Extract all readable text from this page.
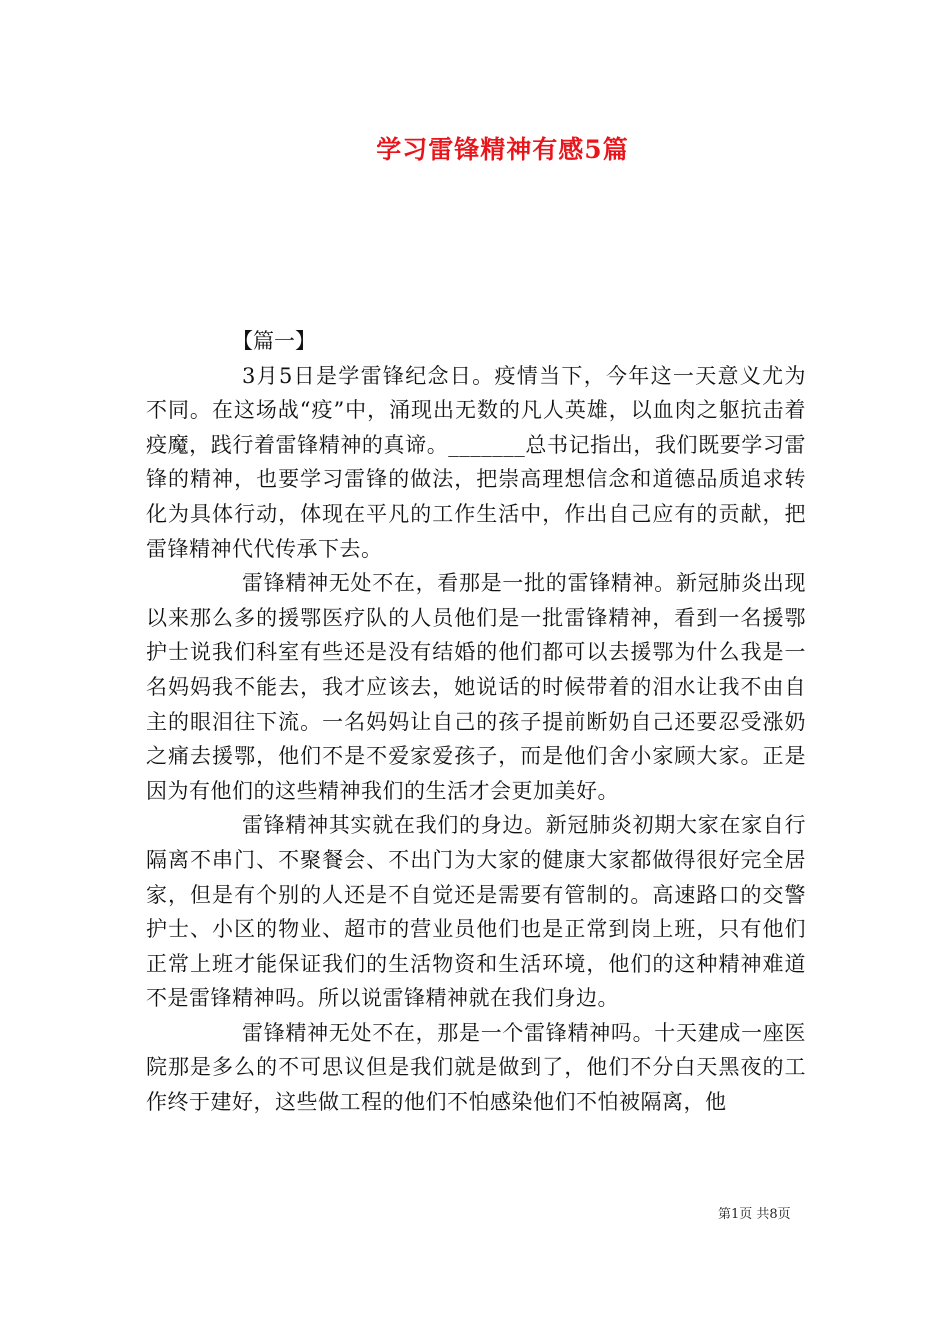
学习雷锋精神有感5篇

【篇一】

3月5日是学雷锋纪念日。疫情当下，今年这一天意义尤为不同。在这场战“疫”中，涌现出无数的凡人英雄，以血肉之躯抗击着疫魔，践行着雷锋精神的真谛。_______总书记指出，我们既要学习雷锋的精神，也要学习雷锋的做法，把崇高理想信念和道德品质追求转化为具体行动，体现在平凡的工作生活中，作出自己应有的贡献，把雷锋精神代代传承下去。

雷锋精神无处不在，看那是一批的雷锋精神。新冠肺炎出现以来那么多的援鄂医疗队的人员他们是一批雷锋精神，看到一名援鄂护士说我们科室有些还是没有结婚的他们都可以去援鄂为什么我是一名妈妈我不能去，我才应该去，她说话的时候带着的泪水让我不由自主的眼泪往下流。一名妈妈让自己的孩子提前断奶自己还要忍受涨奶之痛去援鄂，他们不是不爱家爱孩子，而是他们舍小家顾大家。正是因为有他们的这些精神我们的生活才会更加美好。

雷锋精神其实就在我们的身边。新冠肺炎初期大家在家自行隔离不串门、不聚餐会、不出门为大家的健康大家都做得很好完全居家，但是有个别的人还是不自觉还是需要有管制的。高速路口的交警护士、小区的物业、超市的营业员他们也是正常到岗上班，只有他们正常上班才能保证我们的生活物资和生活环境，他们的这种精神难道不是雷锋精神吗。所以说雷锋精神就在我们身边。

雷锋精神无处不在，那是一个雷锋精神吗。十天建成一座医院那是多么的不可思议但是我们就是做到了，他们不分白天黑夜的工作终于建好，这些做工程的他们不怕感染他们不怕被隔离，他

第1页 共8页
